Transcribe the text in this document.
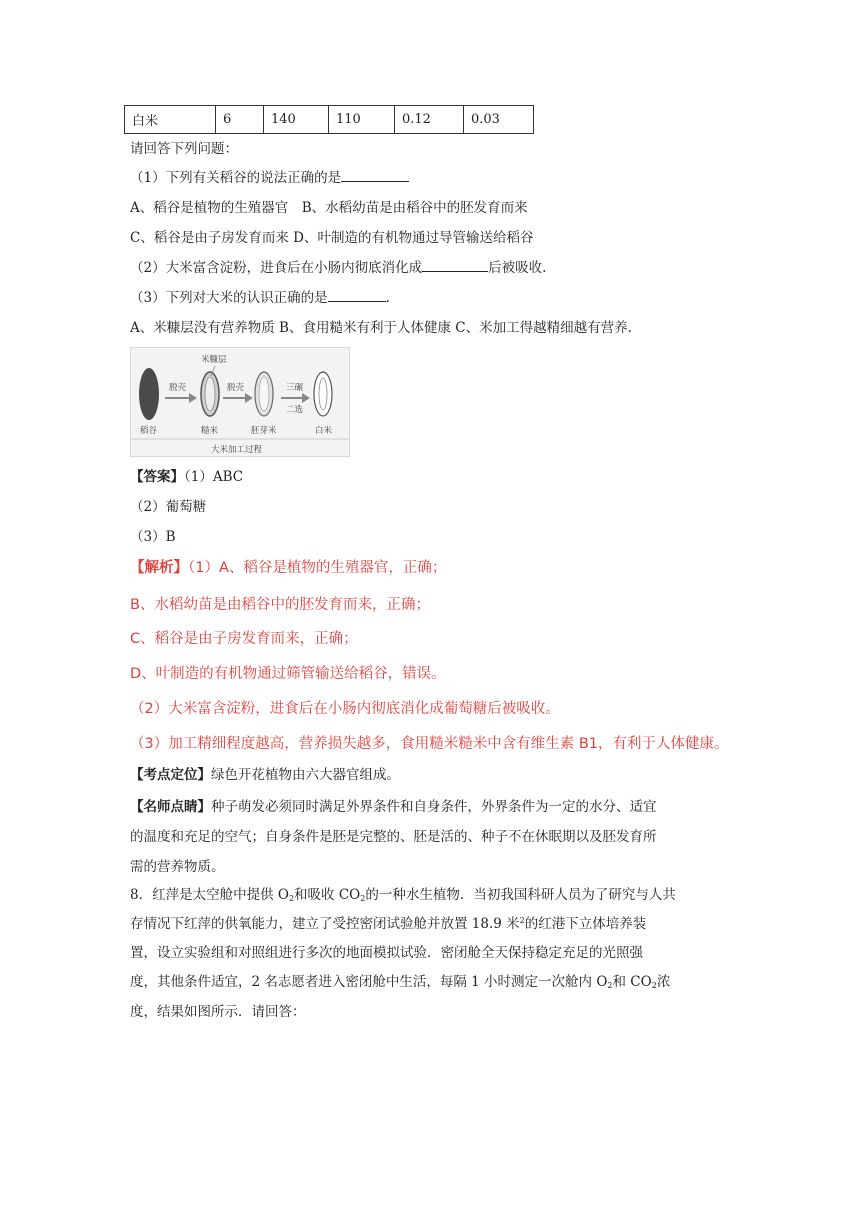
白米	6	140	110	0.12	0.03
请回答下列问题：
（1）下列有关稻谷的说法正确的是
A、稻谷是植物的生殖器官　B、水稻幼苗是由稻谷中的胚发育而来
C、稻谷是由子房发育而来 D、叶制造的有机物通过导管输送给稻谷
（2）大米富含淀粉，进食后在小肠内彻底消化成	后被吸收.
（3）下列对大米的认识正确的是	.
A、米糠层没有营养物质 B、食用糙米有利于人体健康 C、米加工得越精细越有营养.
米糠层
脱壳	脱壳	三碾
二选
稻谷	糙米	胚芽米	白米
大米加工过程
【答案】（1）ABC
（2）葡萄糖
（3）B
【解析】（1）A、稻谷是植物的生殖器官，正确；
B、水稻幼苗是由稻谷中的胚发育而来，正确；
C、稻谷是由子房发育而来，正确；
D、叶制造的有机物通过筛管输送给稻谷，错误。
（2）大米富含淀粉，进食后在小肠内彻底消化成葡萄糖后被吸收。
（3）加工精细程度越高，营养损失越多，食用糙米糙米中含有维生素 B1，有利于人体健康。
【考点定位】绿色开花植物由六大器官组成。
【名师点睛】种子萌发必须同时满足外界条件和自身条件，外界条件为一定的水分、适宜
的温度和充足的空气；自身条件是胚是完整的、胚是活的、种子不在休眠期以及胚发育所
需的营养物质。
8．红萍是太空舱中提供 $O_2$和吸收 $CO_2$的一种水生植物．当初我国科研人员为了研究与人共
存情况下红萍的供氧能力，建立了受控密闭试验舱并放置 18.9 米$^2$的红港下立体培养装
置，设立实验组和对照组进行多次的地面模拟试验．密闭舱全天保持稳定充足的光照强
度，其他条件适宜，2 名志愿者进入密闭舱中生活，每隔 1 小时测定一次舱内 $O_2$和 $CO_2$浓
度，结果如图所示．请回答：
